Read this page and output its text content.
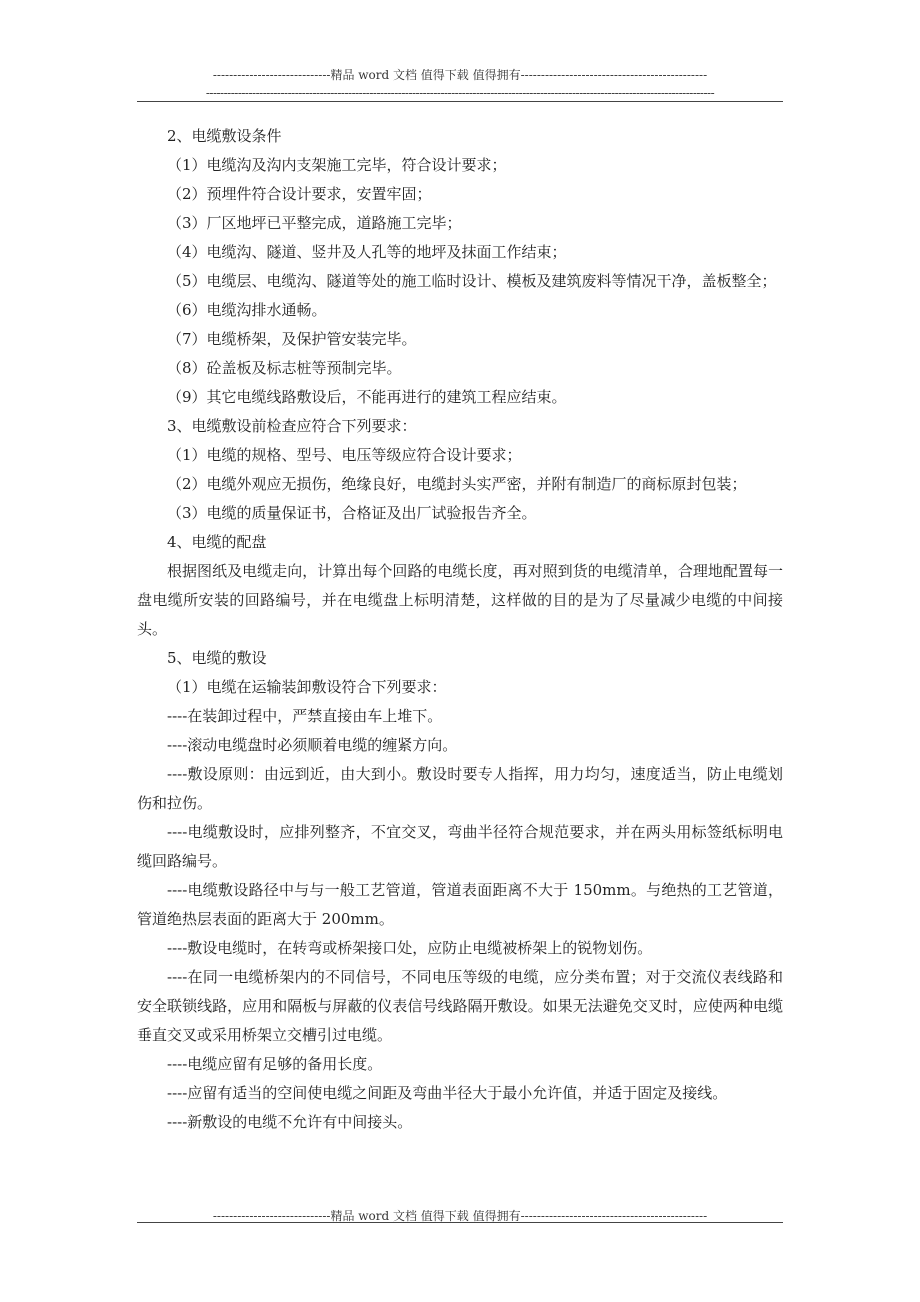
-----------------------------精品 word 文档 值得下载 值得拥有----------------------------------------------
-----------------------------------------------------------------------------------------------------------------------------------------------

2、电缆敷设条件

（1）电缆沟及沟内支架施工完毕，符合设计要求；

（2）预埋件符合设计要求，安置牢固；

（3）厂区地坪已平整完成，道路施工完毕；

（4）电缆沟、隧道、竖井及人孔等的地坪及抹面工作结束；

（5）电缆层、电缆沟、隧道等处的施工临时设计、模板及建筑废料等情况干净，盖板整全；

（6）电缆沟排水通畅。

（7）电缆桥架，及保护管安装完毕。

（8）砼盖板及标志桩等预制完毕。

（9）其它电缆线路敷设后，不能再进行的建筑工程应结束。

3、电缆敷设前检查应符合下列要求：

（1）电缆的规格、型号、电压等级应符合设计要求；

（2）电缆外观应无损伤，绝缘良好，电缆封头实严密，并附有制造厂的商标原封包装；

（3）电缆的质量保证书，合格证及出厂试验报告齐全。

4、电缆的配盘

根据图纸及电缆走向，计算出每个回路的电缆长度，再对照到货的电缆清单，合理地配置每一盘电缆所安装的回路编号，并在电缆盘上标明清楚，这样做的目的是为了尽量减少电缆的中间接头。

5、电缆的敷设

（1）电缆在运输装卸敷设符合下列要求：

----在装卸过程中，严禁直接由车上堆下。

----滚动电缆盘时必须顺着电缆的缠紧方向。

----敷设原则：由远到近，由大到小。敷设时要专人指挥，用力均匀，速度适当，防止电缆划伤和拉伤。

----电缆敷设时，应排列整齐，不宜交叉，弯曲半径符合规范要求，并在两头用标签纸标明电缆回路编号。

----电缆敷设路径中与与一般工艺管道，管道表面距离不大于 150mm。与绝热的工艺管道，管道绝热层表面的距离大于 200mm。

----敷设电缆时，在转弯或桥架接口处，应防止电缆被桥架上的锐物划伤。

----在同一电缆桥架内的不同信号，不同电压等级的电缆，应分类布置；对于交流仪表线路和安全联锁线路，应用和隔板与屏蔽的仪表信号线路隔开敷设。如果无法避免交叉时，应使两种电缆垂直交叉或采用桥架立交槽引过电缆。

----电缆应留有足够的备用长度。

----应留有适当的空间使电缆之间距及弯曲半径大于最小允许值，并适于固定及接线。

----新敷设的电缆不允许有中间接头。

-----------------------------精品 word 文档 值得下载 值得拥有----------------------------------------------
